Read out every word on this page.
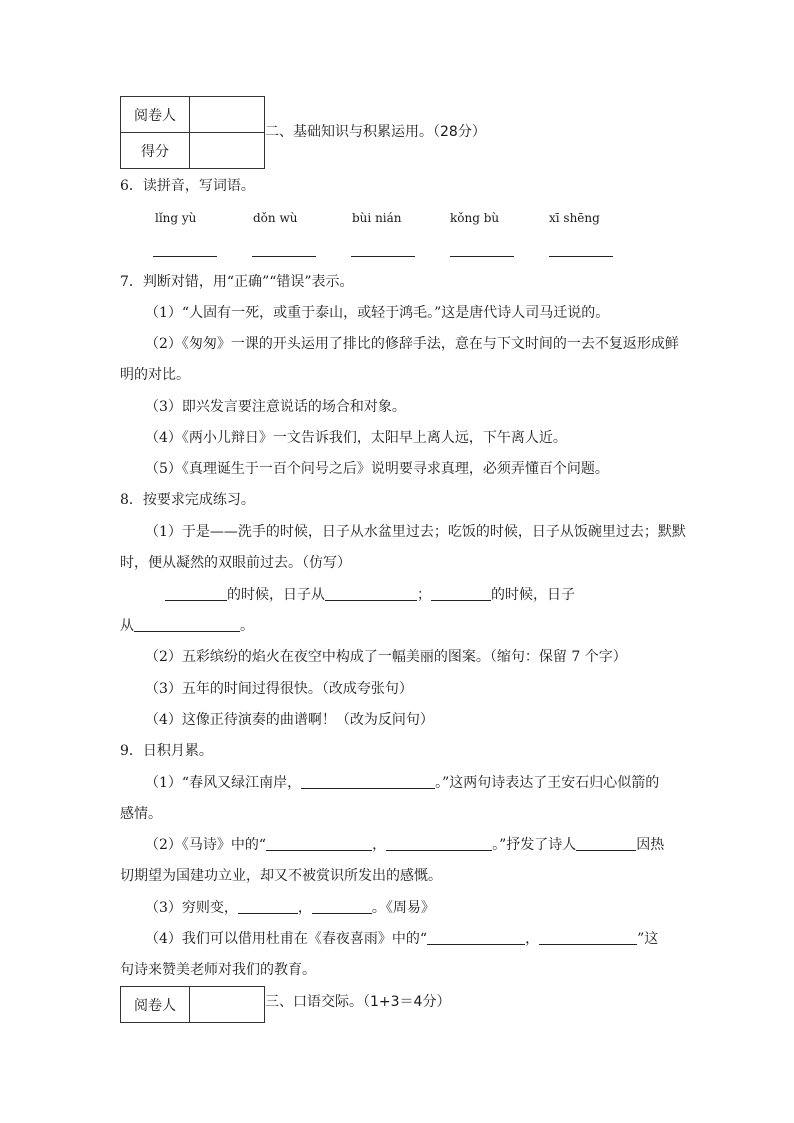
阅卷人	
得分	
二、基础知识与积累运用。（28分）
6．读拼音，写词语。
lǐng yù	dǒn wù	bùi nián	kǒng bù	xī shēng
7．判断对错，用“正确”“错误”表示。
（1）“人固有一死，或重于泰山，或轻于鸿毛。”这是唐代诗人司马迁说的。
（2）《匆匆》一课的开头运用了排比的修辞手法，意在与下文时间的一去不复返形成鲜
明的对比。
（3）即兴发言要注意说话的场合和对象。
（4）《两小儿辩日》一文告诉我们，太阳早上离人远，下午离人近。
（5）《真理诞生于一百个问号之后》说明要寻求真理，必须弄懂百个问题。
8．按要求完成练习。
（1）于是——洗手的时候，日子从水盆里过去；吃饭的时候，日子从饭碗里过去；默默
时，便从凝然的双眼前过去。（仿写）
的时候，日子从	；	的时候，日子
从	。
（2）五彩缤纷的焰火在夜空中构成了一幅美丽的图案。（缩句：保留 7 个字）
（3）五年的时间过得很快。（改成夸张句）
（4）这像正待演奏的曲谱啊！（改为反问句）
9．日积月累。
（1）“春风又绿江南岸，	。”这两句诗表达了王安石归心似箭的
感情。
（2）《马诗》中的“	，	。”抒发了诗人	因热
切期望为国建功立业，却又不被赏识所发出的感慨。
（3）穷则变，	，	。《周易》
（4）我们可以借用杜甫在《春夜喜雨》中的“	，	”这
句诗来赞美老师对我们的教育。
阅卷人		三、口语交际。（1+3＝4分）
